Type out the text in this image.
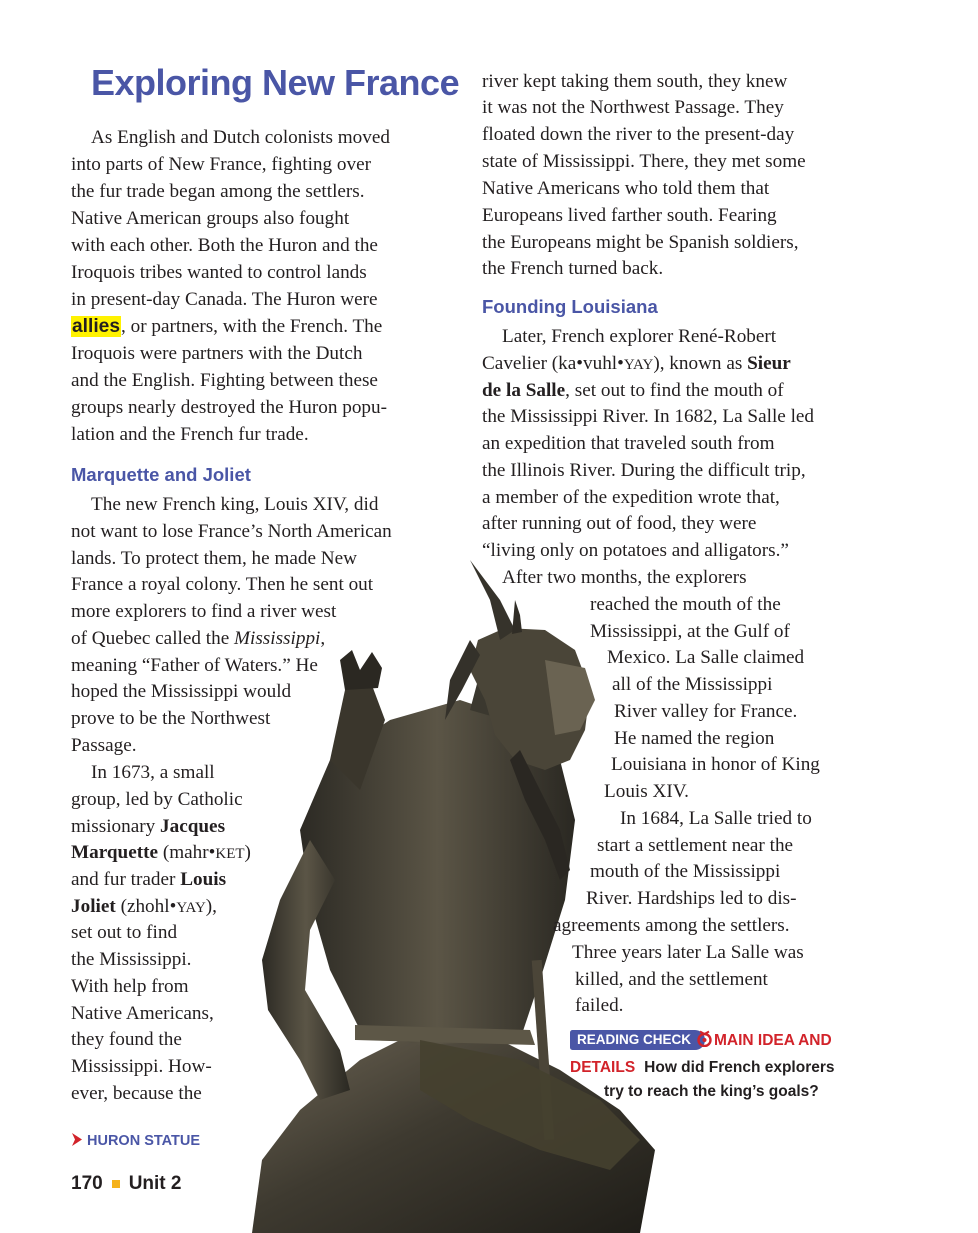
Exploring New France
As English and Dutch colonists moved
into parts of New France, fighting over
the fur trade began among the settlers.
Native American groups also fought
with each other. Both the Huron and the
Iroquois tribes wanted to control lands
in present-day Canada. The Huron were
allies, or partners, with the French. The
Iroquois were partners with the Dutch
and the English. Fighting between these
groups nearly destroyed the Huron popu-
lation and the French fur trade.
Marquette and Joliet
The new French king, Louis XIV, did
not want to lose France’s North American
lands. To protect them, he made New
France a royal colony. Then he sent out
more explorers to find a river west
of Quebec called the Mississippi,
meaning “Father of Waters.” He
hoped the Mississippi would
prove to be the Northwest
Passage.
In 1673, a small
group, led by Catholic
missionary Jacques
Marquette (mahr•KET)
and fur trader Louis
Joliet (zhohl•YAY),
set out to find
the Mississippi.
With help from
Native Americans,
they found the
Mississippi. How-
ever, because the
river kept taking them south, they knew
it was not the Northwest Passage. They
floated down the river to the present-day
state of Mississippi. There, they met some
Native Americans who told them that
Europeans lived farther south. Fearing
the Europeans might be Spanish soldiers,
the French turned back.
Founding Louisiana
Later, French explorer René-Robert
Cavelier (ka•vuhl•YAY), known as Sieur
de la Salle, set out to find the mouth of
the Mississippi River. In 1682, La Salle led
an expedition that traveled south from
the Illinois River. During the difficult trip,
a member of the expedition wrote that,
after running out of food, they were
“living only on potatoes and alligators.”
After two months, the explorers
reached the mouth of the
Mississippi, at the Gulf of
Mexico. La Salle claimed
all of the Mississippi
River valley for France.
He named the region
Louisiana in honor of King
Louis XIV.
In 1684, La Salle tried to
start a settlement near the
mouth of the Mississippi
River. Hardships led to dis-
agreements among the settlers.
Three years later La Salle was
killed, and the settlement
failed.
READING CHECK	MAIN IDEA AND
DETAILS How did French explorers
try to reach the king’s goals?
HURON STATUE
170 Unit 2
